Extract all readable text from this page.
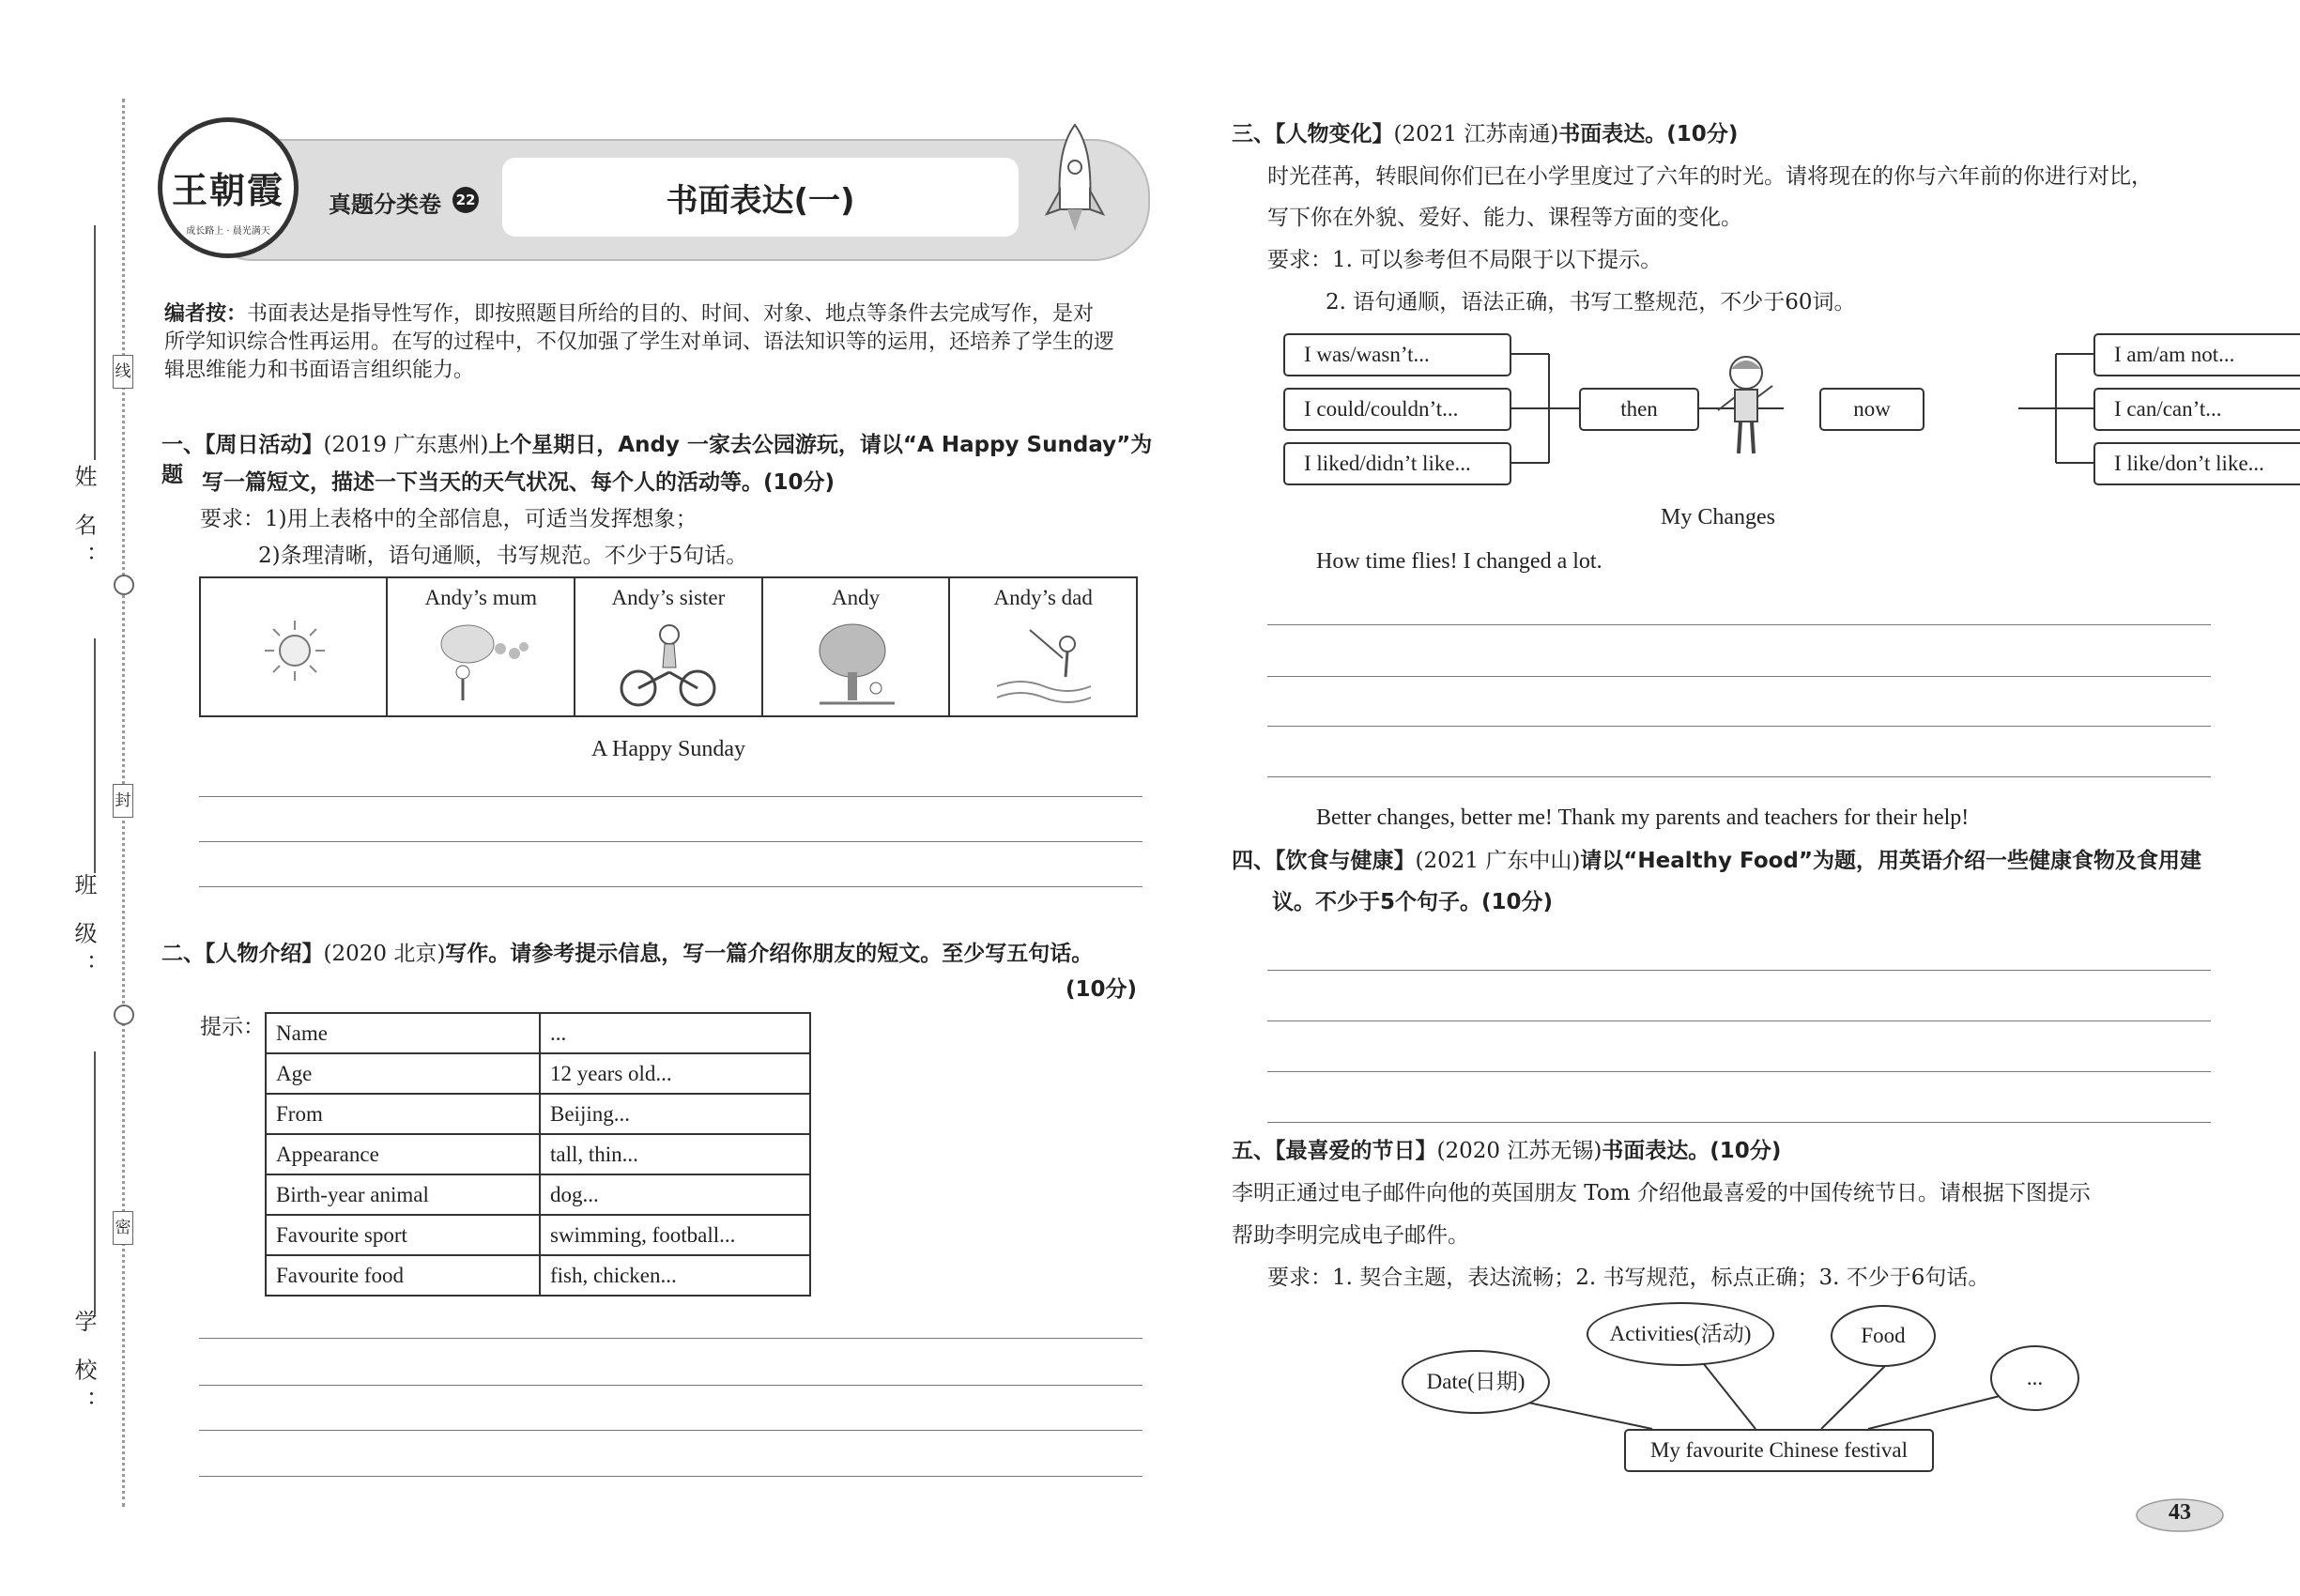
姓 名：
班 级：
学 校：
线
封
密
真题分类卷 22	书面表达(一)
王朝霞
成长路上 · 晨光满天
编者按：书面表达是指导性写作，即按照题目所给的目的、时间、对象、地点等条件去完成写作，是对
所学知识综合性再运用。在写的过程中，不仅加强了学生对单词、语法知识等的运用，还培养了学生的逻
辑思维能力和书面语言组织能力。
一、【周日活动】(2019 广东惠州)上个星期日，Andy 一家去公园游玩，请以“A Happy Sunday”为题 写一篇短文，描述一下当天的天气状况、每个人的活动等。(10分)
要求：1)用上表格中的全部信息，可适当发挥想象；
2)条理清晰，语句通顺，书写规范。不少于5句话。

Andy’s mum	Andy’s sister	Andy	Andy’s dad
A Happy Sunday
二、【人物介绍】(2020 北京)写作。请参考提示信息，写一篇介绍你朋友的短文。至少写五句话。
(10分)
提示： Name	...
Age	12 years old...
From	Beijing...
Appearance	tall, thin...
Birth-year animal	dog...
Favourite sport	swimming, football...
Favourite food	fish, chicken...
三、【人物变化】(2021 江苏南通)书面表达。(10分)
时光荏苒，转眼间你们已在小学里度过了六年的时光。请将现在的你与六年前的你进行对比，
写下你在外貌、爱好、能力、课程等方面的变化。
要求：1. 可以参考但不局限于以下提示。
2. 语句通顺，语法正确，书写工整规范，不少于60词。
I was/wasn’t...
I could/couldn’t...
I liked/didn’t like...
then	now
I am/am not...
I can/can’t...
I like/don’t like...
My Changes
How time flies! I changed a lot.
Better changes, better me! Thank my parents and teachers for their help!
四、【饮食与健康】(2021 广东中山)请以“Healthy Food”为题，用英语介绍一些健康食物及食用建
议。不少于5个句子。(10分)
五、【最喜爱的节日】(2020 江苏无锡)书面表达。(10分)
李明正通过电子邮件向他的英国朋友 Tom 介绍他最喜爱的中国传统节日。请根据下图提示
帮助李明完成电子邮件。
要求：1. 契合主题，表达流畅；2. 书写规范，标点正确；3. 不少于6句话。
Date(日期)
Activities(活动)	Food
...
My favourite Chinese festival
43
